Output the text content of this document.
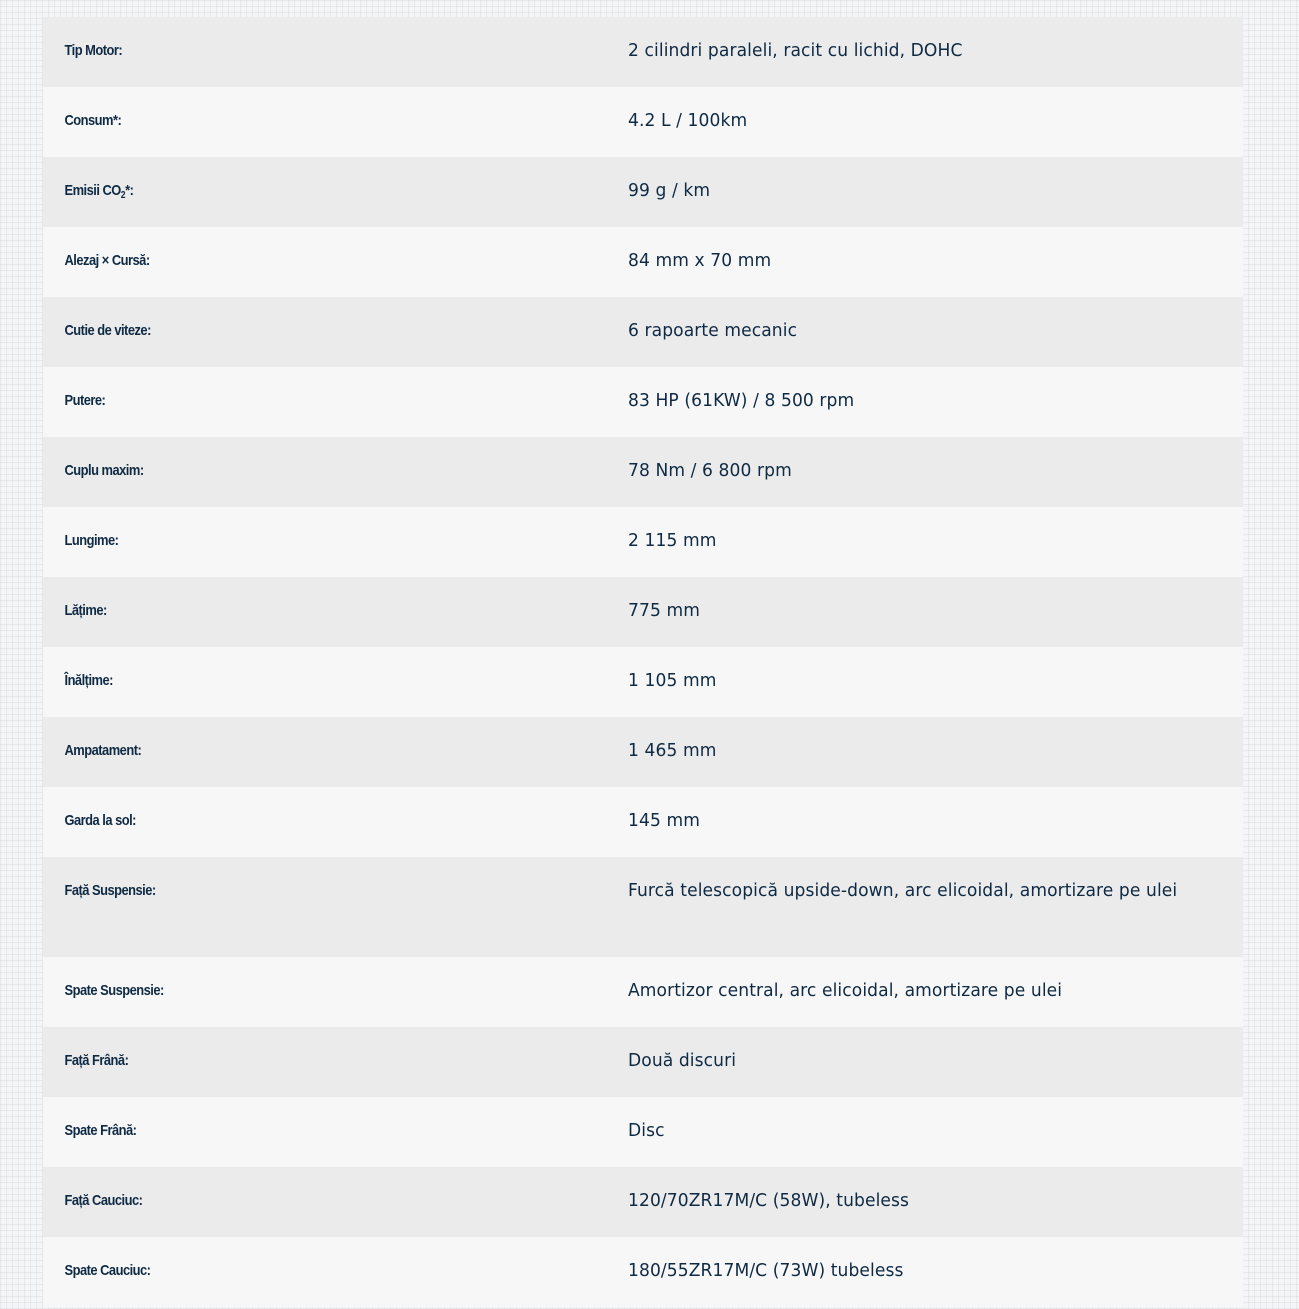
Tip Motor:	2 cilindri paraleli, racit cu lichid, DOHC
Consum*:	4.2 L / 100km
Emisii $CO_2*$:	99 g / km
Alezaj × Cursă:	84 mm x 70 mm
Cutie de viteze:	6 rapoarte mecanic
Putere:	83 HP (61KW) / 8 500 rpm
Cuplu maxim:	78 Nm / 6 800 rpm
Lungime:	2 115 mm
Lățime:	775 mm
Înălțime:	1 105 mm
Ampatament:	1 465 mm
Garda la sol:	145 mm
Față Suspensie:	Furcă telescopică upside-down, arc elicoidal, amortizare pe ulei
Spate Suspensie:	Amortizor central, arc elicoidal, amortizare pe ulei
Față Frână:	Două discuri
Spate Frână:	Disc
Față Cauciuc:	120/70ZR17M/C (58W), tubeless
Spate Cauciuc:	180/55ZR17M/C (73W) tubeless
